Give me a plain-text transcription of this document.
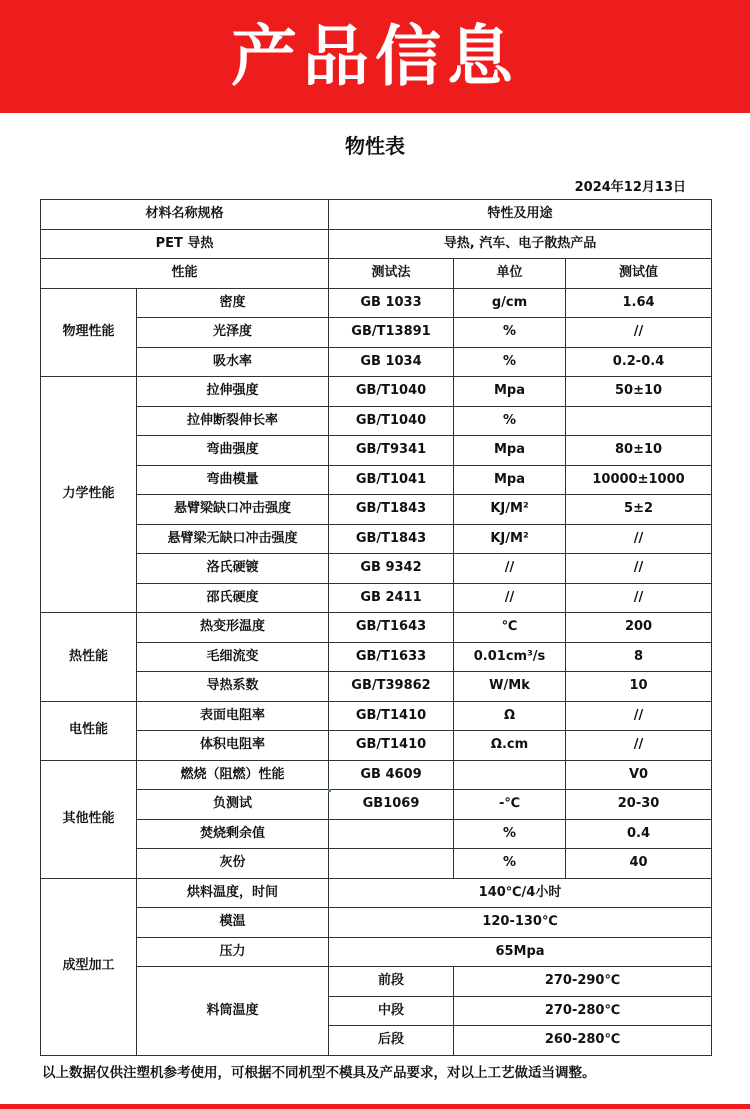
产品信息
物性表
2024年12月13日
材料名称规格		特性及用途		
PET 导热		导热, 汽车、电子散热产品		
性能		测试法	单位	测试值
物理性能	密度	GB 1033	g/cm	1.64
	光泽度	GB/T13891	%	//
	吸水率	GB 1034	%	0.2-0.4
力学性能	拉伸强度	GB/T1040	Mpa	50±10
	拉伸断裂伸长率	GB/T1040	%	
	弯曲强度	GB/T9341	Mpa	80±10
	弯曲模量	GB/T1041	Mpa	10000±1000
	悬臂梁缺口冲击强度	GB/T1843	KJ/M²	5±2
	悬臂梁无缺口冲击强度	GB/T1843	KJ/M²	//
	洛氏硬镀	GB 9342	//	//
	邵氏硬度	GB 2411	//	//
热性能	热变形温度	GB/T1643	℃	200
	毛细流变	GB/T1633	0.01cm³/s	8
	导热系数	GB/T39862	W/Mk	10
电性能	表面电阻率	GB/T1410	Ω	//
	体积电阻率	GB/T1410	Ω.cm	//
其他性能	燃烧（阻燃）性能	GB 4609		V0
	负测试	GB1069	-℃	20-30
	焚烧剩余值		%	0.4
	灰份		%	40
成型加工	烘料温度，时间	140℃/4小时		
	模温	120-130℃		
	压力	65Mpa		
	料筒温度	前段	270-290℃	
		中段	270-280℃	
		后段	260-280℃	
以上数据仅供注塑机参考使用，可根据不同机型不模具及产品要求，对以上工艺做适当调整。
